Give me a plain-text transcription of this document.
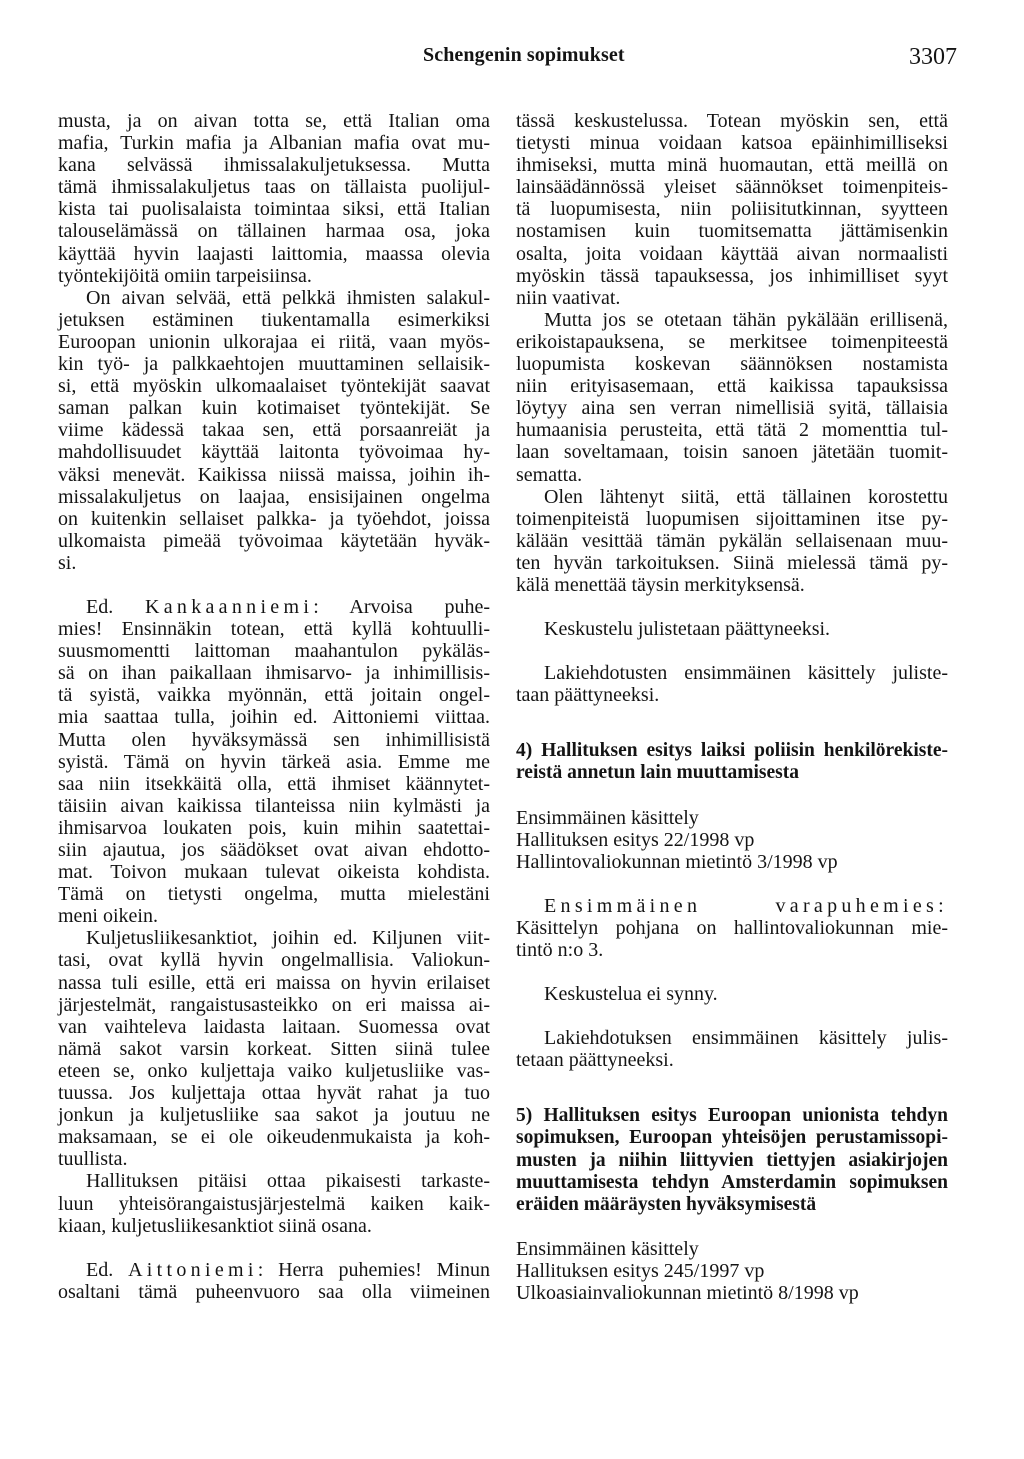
Schengenin sopimukset	3307
musta, ja on aivan totta se, että Italian oma
mafia, Turkin mafia ja Albanian mafia ovat mu-
kana selvässä ihmissalakuljetuksessa. Mutta
tämä ihmissalakuljetus taas on tällaista puolijul-
kista tai puolisalaista toimintaa siksi, että Italian
talouselämässä on tällainen harmaa osa, joka
käyttää hyvin laajasti laittomia, maassa olevia
työntekijöitä omiin tarpeisiinsa.
On aivan selvää, että pelkkä ihmisten salakul-
jetuksen estäminen tiukentamalla esimerkiksi
Euroopan unionin ulkorajaa ei riitä, vaan myös-
kin työ- ja palkkaehtojen muuttaminen sellaisik-
si, että myöskin ulkomaalaiset työntekijät saavat
saman palkan kuin kotimaiset työntekijät. Se
viime kädessä takaa sen, että porsaanreiät ja
mahdollisuudet käyttää laitonta työvoimaa hy-
väksi menevät. Kaikissa niissä maissa, joihin ih-
missalakuljetus on laajaa, ensisijainen ongelma
on kuitenkin sellaiset palkka- ja työehdot, joissa
ulkomaista pimeää työvoimaa käytetään hyväk-
si.
Ed. Kankaanniemi: Arvoisa puhe-
mies! Ensinnäkin totean, että kyllä kohtuulli-
suusmomentti laittoman maahantulon pykäläs-
sä on ihan paikallaan ihmisarvo- ja inhimillisis-
tä syistä, vaikka myönnän, että joitain ongel-
mia saattaa tulla, joihin ed. Aittoniemi viittaa.
Mutta olen hyväksymässä sen inhimillisistä
syistä. Tämä on hyvin tärkeä asia. Emme me
saa niin itsekkäitä olla, että ihmiset käännytet-
täisiin aivan kaikissa tilanteissa niin kylmästi ja
ihmisarvoa loukaten pois, kuin mihin saatettai-
siin ajautua, jos säädökset ovat aivan ehdotto-
mat. Toivon mukaan tulevat oikeista kohdista.
Tämä on tietysti ongelma, mutta mielestäni
meni oikein.
Kuljetusliikesanktiot, joihin ed. Kiljunen viit-
tasi, ovat kyllä hyvin ongelmallisia. Valiokun-
nassa tuli esille, että eri maissa on hyvin erilaiset
järjestelmät, rangaistusasteikko on eri maissa ai-
van vaihteleva laidasta laitaan. Suomessa ovat
nämä sakot varsin korkeat. Sitten siinä tulee
eteen se, onko kuljettaja vaiko kuljetusliike vas-
tuussa. Jos kuljettaja ottaa hyvät rahat ja tuo
jonkun ja kuljetusliike saa sakot ja joutuu ne
maksamaan, se ei ole oikeudenmukaista ja koh-
tuullista.
Hallituksen pitäisi ottaa pikaisesti tarkaste-
luun yhteisörangaistusjärjestelmä kaiken kaik-
kiaan, kuljetusliikesanktiot siinä osana.
Ed. Aittoniemi: Herra puhemies! Minun
osaltani tämä puheenvuoro saa olla viimeinen
tässä keskustelussa. Totean myöskin sen, että
tietysti minua voidaan katsoa epäinhimilliseksi
ihmiseksi, mutta minä huomautan, että meillä on
lainsäädännössä yleiset säännökset toimenpiteis-
tä luopumisesta, niin poliisitutkinnan, syytteen
nostamisen kuin tuomitsematta jättämisenkin
osalta, joita voidaan käyttää aivan normaalisti
myöskin tässä tapauksessa, jos inhimilliset syyt
niin vaativat.
Mutta jos se otetaan tähän pykälään erillisenä,
erikoistapauksena, se merkitsee toimenpiteestä
luopumista koskevan säännöksen nostamista
niin erityisasemaan, että kaikissa tapauksissa
löytyy aina sen verran nimellisiä syitä, tällaisia
humaanisia perusteita, että tätä 2 momenttia tul-
laan soveltamaan, toisin sanoen jätetään tuomit-
sematta.
Olen lähtenyt siitä, että tällainen korostettu
toimenpiteistä luopumisen sijoittaminen itse py-
kälään vesittää tämän pykälän sellaisenaan muu-
ten hyvän tarkoituksen. Siinä mielessä tämä py-
kälä menettää täysin merkityksensä.
Keskustelu julistetaan päättyneeksi.
Lakiehdotusten ensimmäinen käsittely juliste-
taan päättyneeksi.
4) Hallituksen esitys laiksi poliisin henkilörekiste-
reistä annetun lain muuttamisesta
Ensimmäinen käsittely
Hallituksen esitys 22/1998 vp
Hallintovaliokunnan mietintö 3/1998 vp
Ensimmäinen varapuhemies:
Käsittelyn pohjana on hallintovaliokunnan mie-
tintö n:o 3.
Keskustelua ei synny.
Lakiehdotuksen ensimmäinen käsittely julis-
tetaan päättyneeksi.
5) Hallituksen esitys Euroopan unionista tehdyn
sopimuksen, Euroopan yhteisöjen perustamissopi-
musten ja niihin liittyvien tiettyjen asiakirjojen
muuttamisesta tehdyn Amsterdamin sopimuksen
eräiden määräysten hyväksymisestä
Ensimmäinen käsittely
Hallituksen esitys 245/1997 vp
Ulkoasiainvaliokunnan mietintö 8/1998 vp
